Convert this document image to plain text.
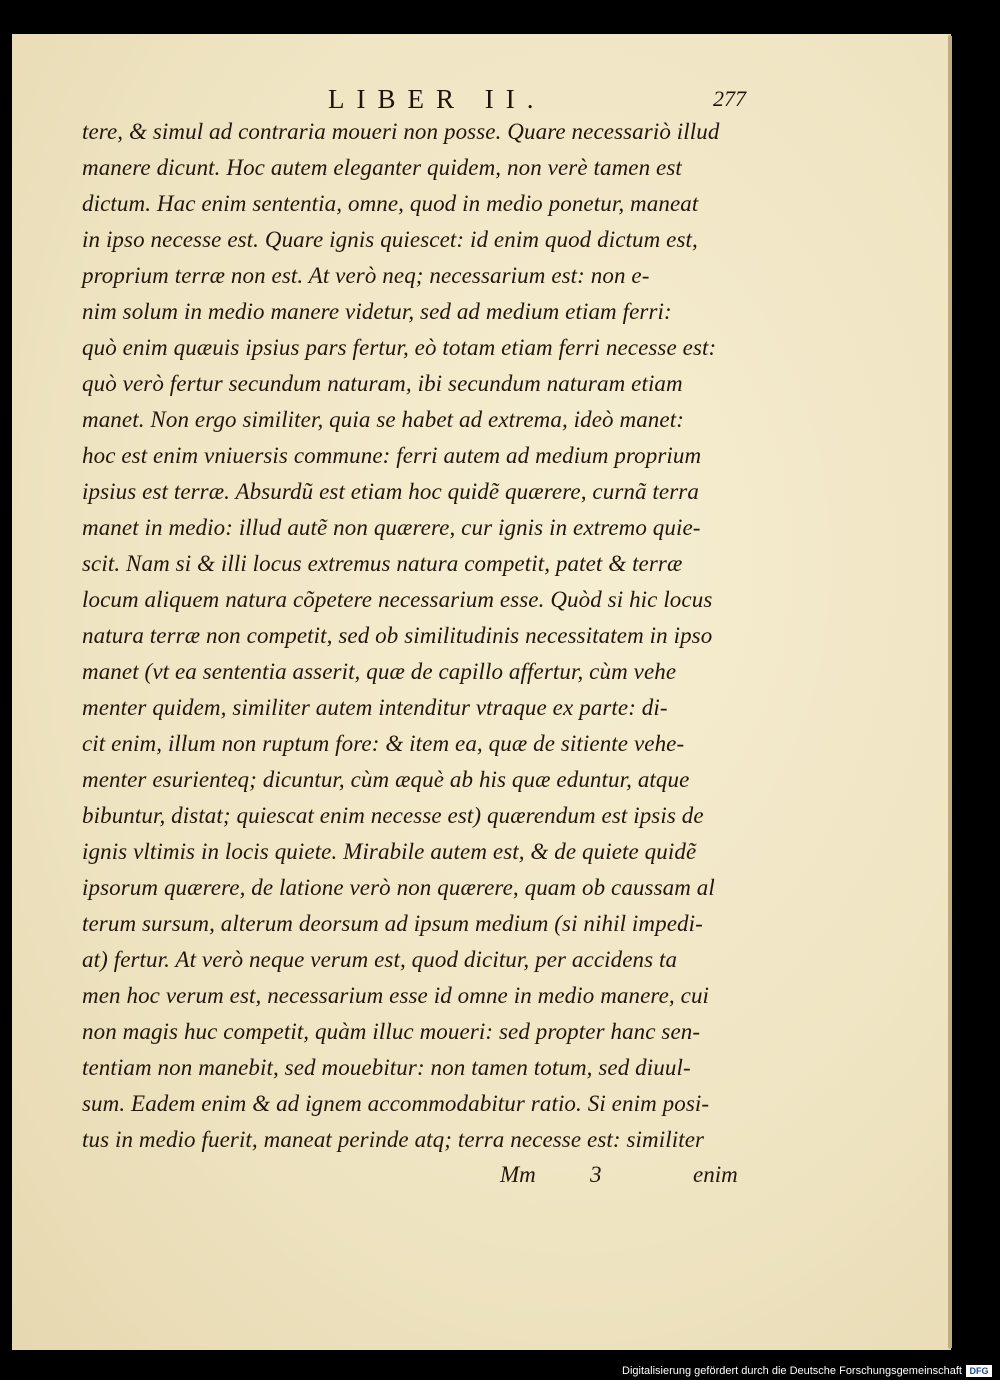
LIBER II.	277
tere, & simul ad contraria moueri non posse. Quare necessariò illud
manere dicunt. Hoc autem eleganter quidem, non verè tamen est
dictum. Hac enim sententia, omne, quod in medio ponetur, maneat
in ipso necesse est. Quare ignis quiescet: id enim quod dictum est,
proprium terræ non est. At verò neq; necessarium est: non e-
nim solum in medio manere videtur, sed ad medium etiam ferri:
quò enim quæuis ipsius pars fertur, eò totam etiam ferri necesse est:
quò verò fertur secundum naturam, ibi secundum naturam etiam
manet. Non ergo similiter, quia se habet ad extrema, ideò manet:
hoc est enim vniuersis commune: ferri autem ad medium proprium
ipsius est terræ. Absurdũ est etiam hoc quidẽ quærere, curnã terra
manet in medio: illud autẽ non quærere, cur ignis in extremo quie-
scit. Nam si & illi locus extremus natura competit, patet & terræ
locum aliquem natura cõpetere necessarium esse. Quòd si hic locus
natura terræ non competit, sed ob similitudinis necessitatem in ipso
manet (vt ea sententia asserit, quæ de capillo affertur, cùm vehe
menter quidem, similiter autem intenditur vtraque ex parte: di-
cit enim, illum non ruptum fore: & item ea, quæ de sitiente vehe-
menter esurienteq; dicuntur, cùm æquè ab his quæ eduntur, atque
bibuntur, distat; quiescat enim necesse est) quærendum est ipsis de
ignis vltimis in locis quiete. Mirabile autem est, & de quiete quidẽ
ipsorum quærere, de latione verò non quærere, quam ob caussam al
terum sursum, alterum deorsum ad ipsum medium (si nihil impedi-
at) fertur. At verò neque verum est, quod dicitur, per accidens ta
men hoc verum est, necessarium esse id omne in medio manere, cui
non magis huc competit, quàm illuc moueri: sed propter hanc sen-
tentiam non manebit, sed mouebitur: non tamen totum, sed diuul-
sum. Eadem enim & ad ignem accommodabitur ratio. Si enim posi-
tus in medio fuerit, maneat perinde atq; terra necesse est: similiter
Mm 3	enim
Digitalisierung gefördert durch die Deutsche Forschungsgemeinschaft DFG
